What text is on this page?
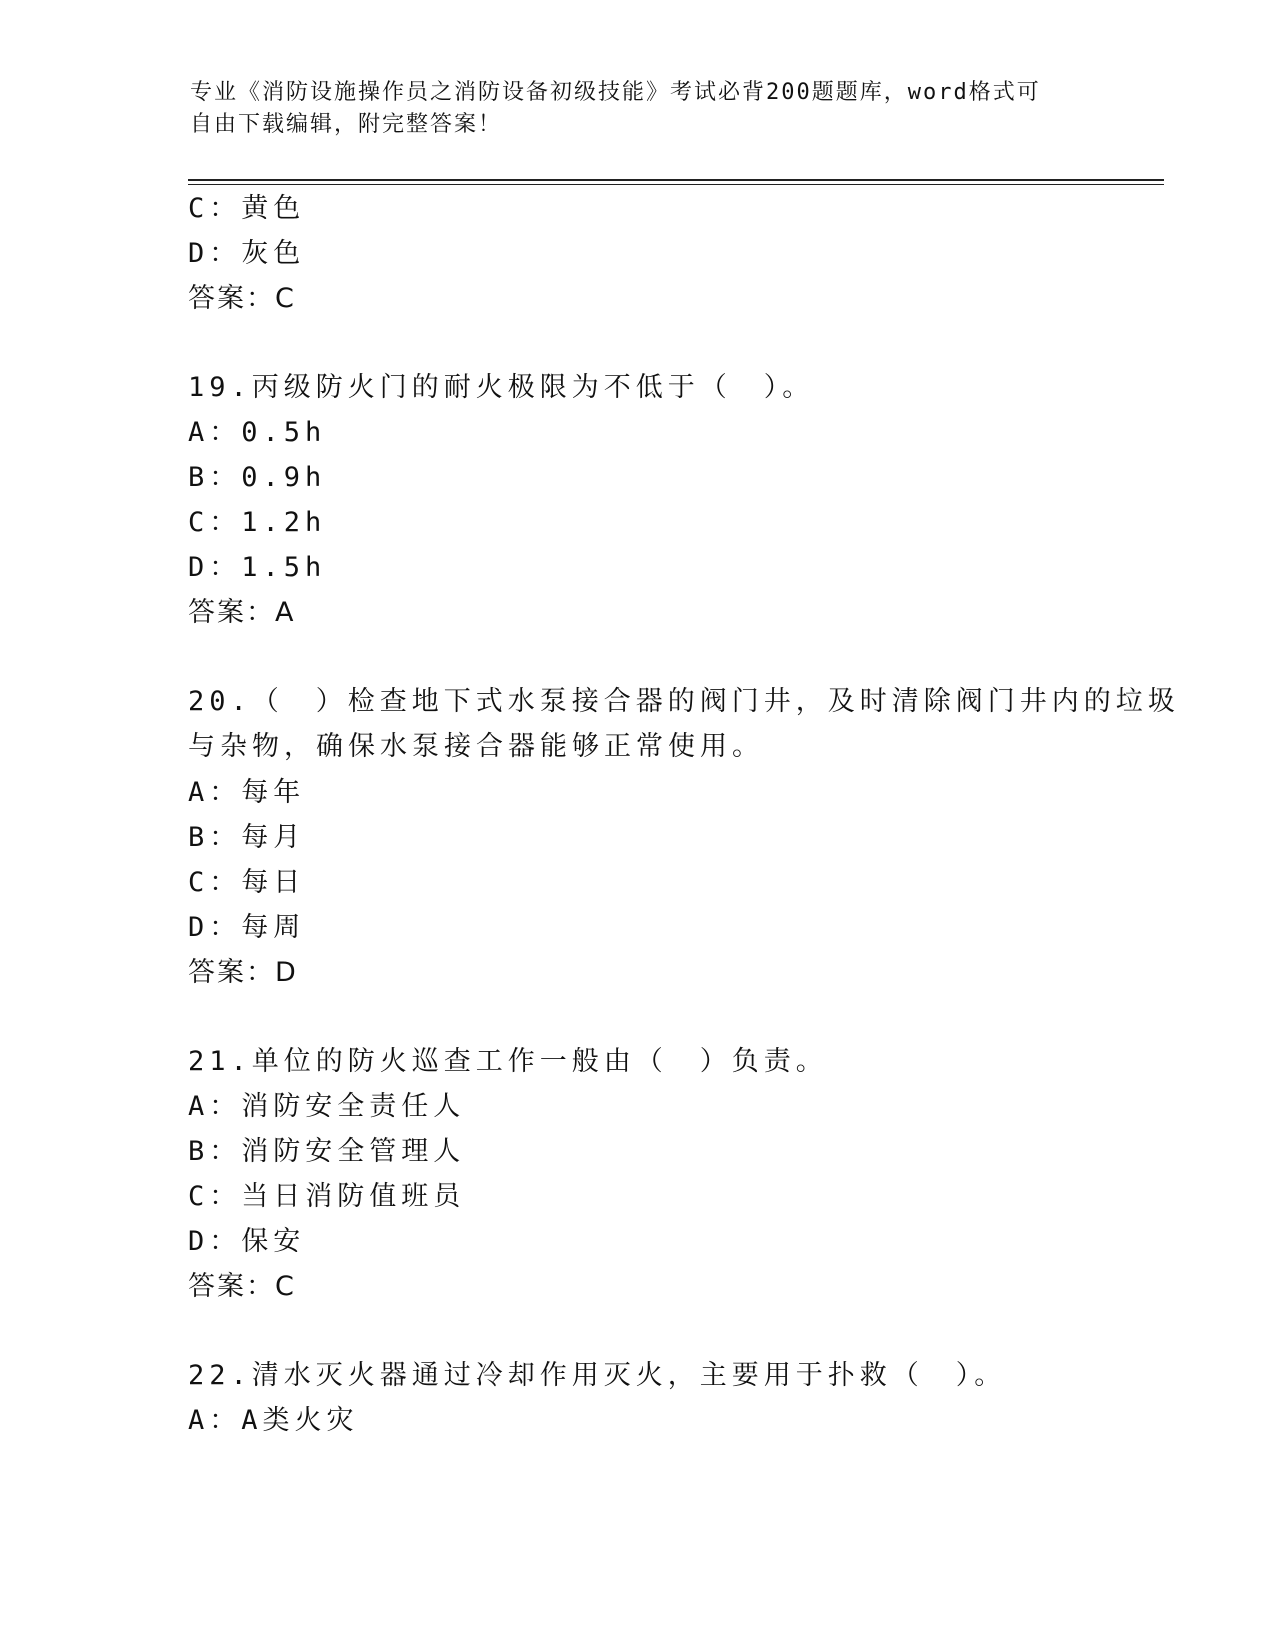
专业《消防设施操作员之消防设备初级技能》考试必背200题题库，word格式可
自由下载编辑，附完整答案！
C：黄色
D：灰色
答案：C
19.丙级防火门的耐火极限为不低于（　）。
A：0.5h
B：0.9h
C：1.2h
D：1.5h
答案：A
20.（　）检查地下式水泵接合器的阀门井，及时清除阀门井内的垃圾
与杂物，确保水泵接合器能够正常使用。
A：每年
B：每月
C：每日
D：每周
答案：D
21.单位的防火巡查工作一般由（　）负责。
A：消防安全责任人
B：消防安全管理人
C：当日消防值班员
D：保安
答案：C
22.清水灭火器通过冷却作用灭火，主要用于扑救（　）。
A：A类火灾
